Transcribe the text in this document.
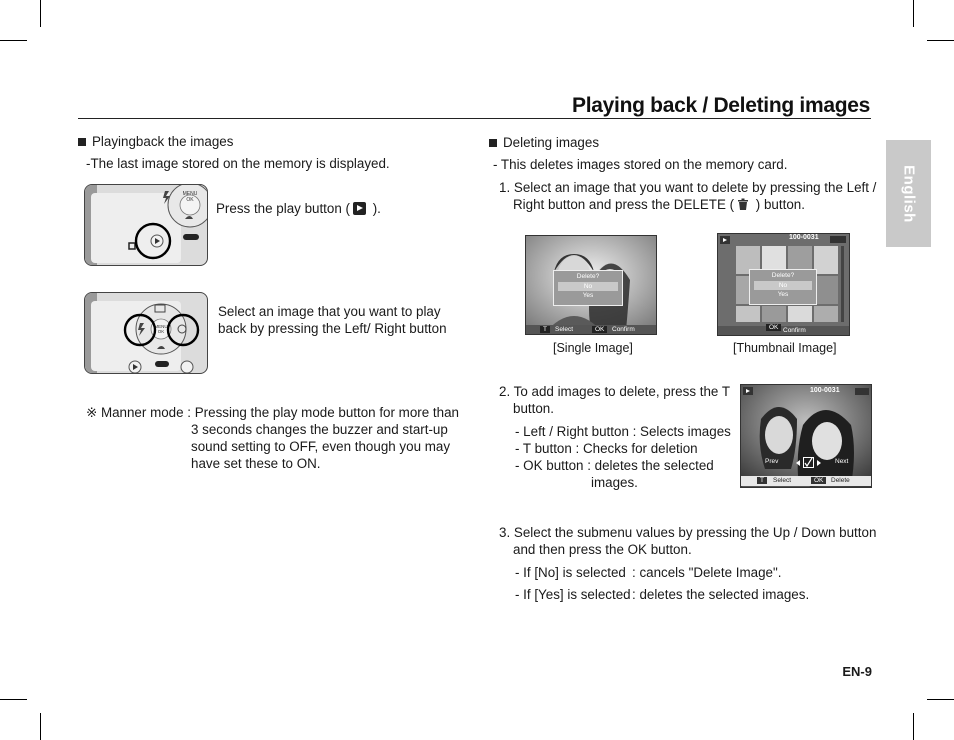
Playing back / Deleting images
English
Playingback the images
-The last image stored on the memory is displayed.
MENU
OK
Press the play button (
).
MENU
OK
Select an image that you want to play
back by pressing the Left/ Right button
※ Manner mode : Pressing the play mode button for more than
3 seconds changes the buzzer and start-up
sound setting to OFF, even though you may
have set these to ON.
Deleting images
- This deletes images stored on the memory card.
1. Select an image that you want to delete by pressing the Left /
Right button and press the DELETE ( ) button.
Delete?
No
Yes
T	Select	OK	Confirm
100-0031
Delete?
No
Yes
OK Confirm
[Single Image]	[Thumbnail Image]
2. To add images to delete, press the T
button.
- Left / Right button : Selects images
- T button : Checks for deletion
- OK button : deletes the selected
images.
100-0031
Prev	Next
T	Select	OK	Delete
3. Select the submenu values by pressing the Up / Down button
and then press the OK button.
- If [No] is selected : cancels "Delete Image".
- If [Yes] is selected : deletes the selected images.
EN-9
